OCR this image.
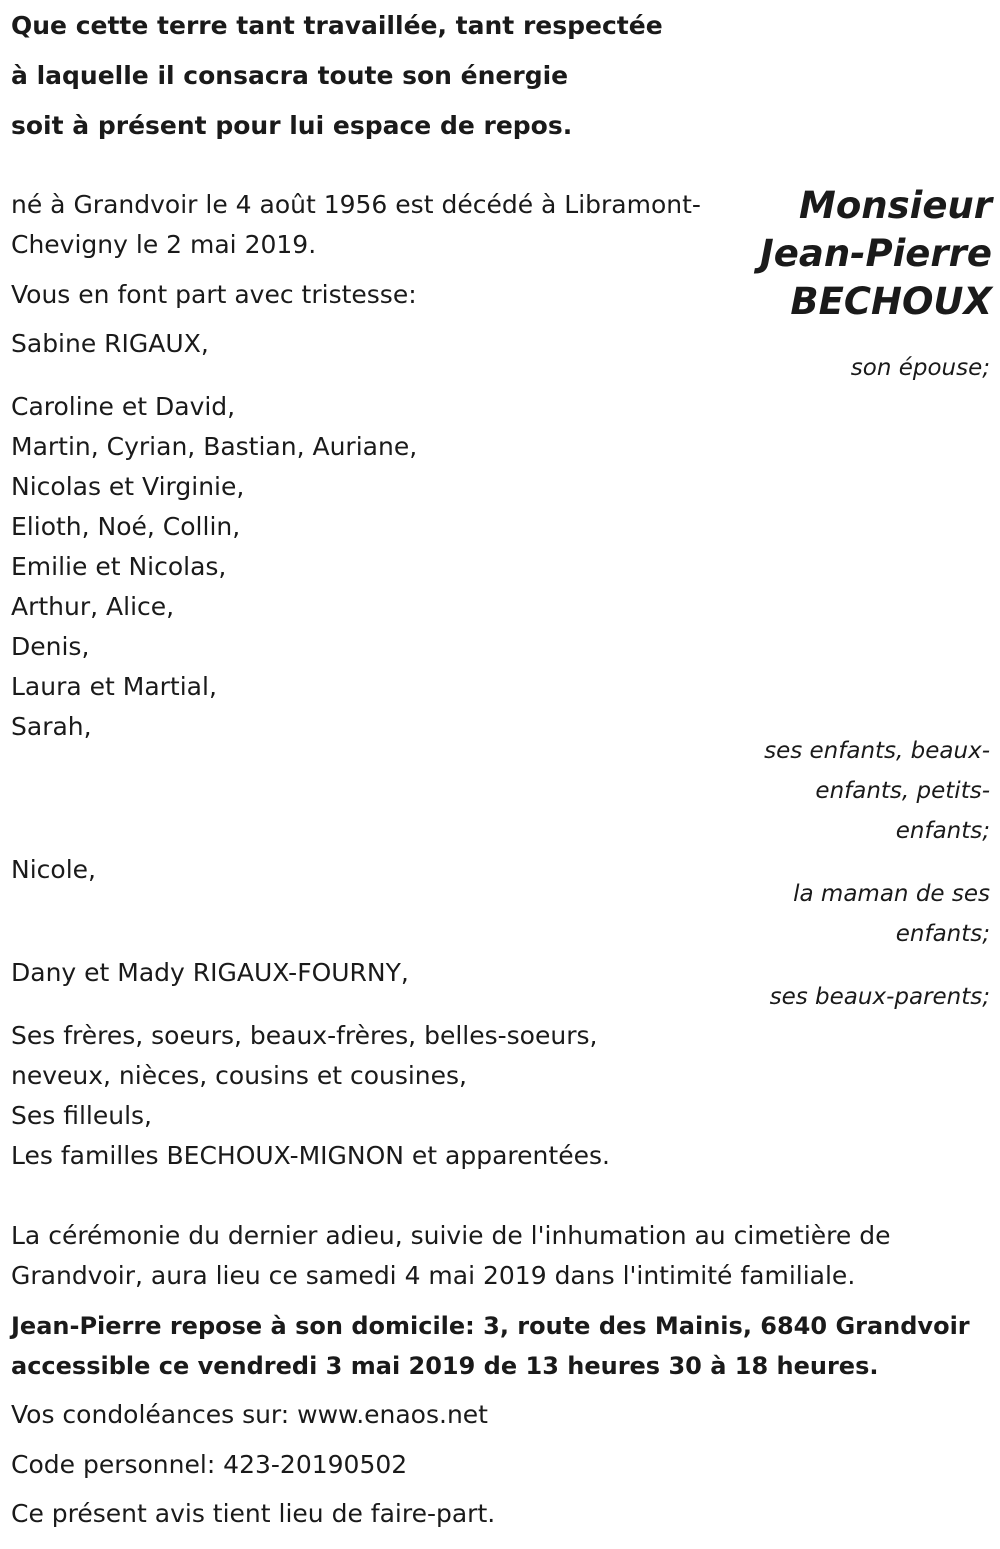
Que cette terre tant travaillée, tant respectée

à laquelle il consacra toute son énergie

soit à présent pour lui espace de repos.

Monsieur
Jean-Pierre
BECHOUX

né à Grandvoir le 4 août 1956 est décédé à Libramont-

Chevigny le 2 mai 2019.

Vous en font part avec tristesse:

Sabine RIGAUX,

son épouse;

Caroline et David,

Martin, Cyrian, Bastian, Auriane,

Nicolas et Virginie,

Elioth, Noé, Collin,

Emilie et Nicolas,

Arthur, Alice,

Denis,

Laura et Martial,

Sarah,

ses enfants, beaux-

enfants, petits-

enfants;

Nicole,

la maman de ses

enfants;

Dany et Mady RIGAUX-FOURNY,

ses beaux-parents;

Ses frères, soeurs, beaux-frères, belles-soeurs,

neveux, nièces, cousins et cousines,

Ses filleuls,

Les familles BECHOUX-MIGNON et apparentées.

La cérémonie du dernier adieu, suivie de l'inhumation au cimetière de

Grandvoir, aura lieu ce samedi 4 mai 2019 dans l'intimité familiale.

Jean-Pierre repose à son domicile: 3, route des Mainis, 6840 Grandvoir

accessible ce vendredi 3 mai 2019 de 13 heures 30 à 18 heures.

Vos condoléances sur: www.enaos.net

Code personnel: 423-20190502

Ce présent avis tient lieu de faire-part.
